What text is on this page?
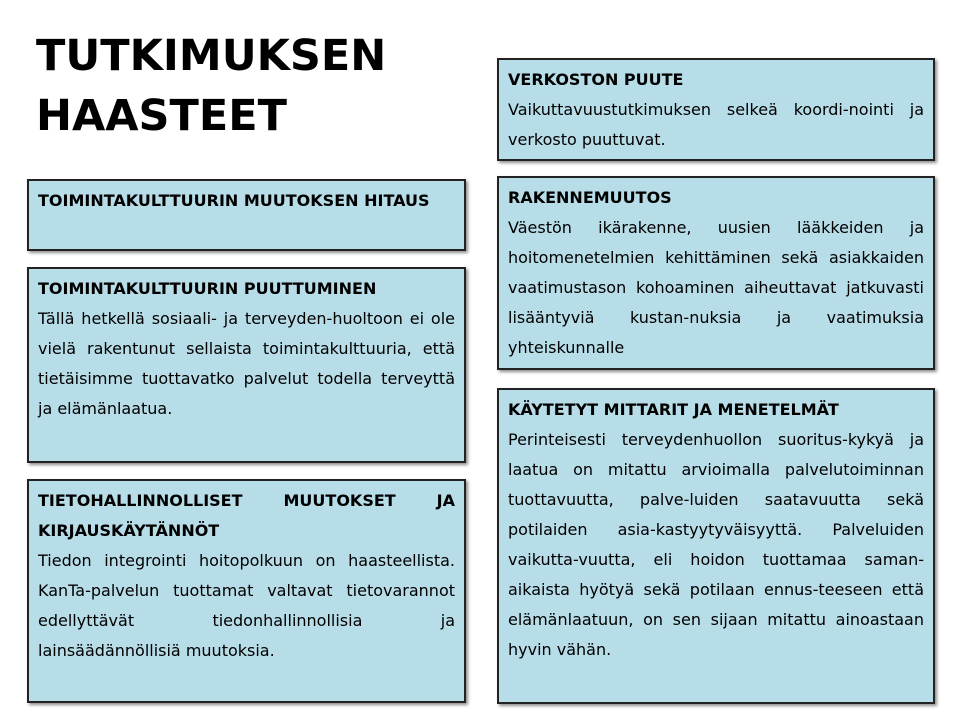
TUTKIMUKSEN
HAASTEET
TOIMINTAKULTTUURIN MUUTOKSEN HITAUS
TOIMINTAKULTTUURIN PUUTTUMINEN
Tällä hetkellä sosiaali- ja terveyden-huoltoon ei ole vielä rakentunut sellaista toimintakulttuuria, että tietäisimme tuottavatko palvelut todella terveyttä ja elämänlaatua.
TIETOHALLINNOLLISET MUUTOKSET JA KIRJAUSKÄYTÄNNÖT
Tiedon integrointi hoitopolkuun on haasteellista. KanTa-palvelun tuottamat valtavat tietovarannot edellyttävät tiedonhallinnollisia ja lainsäädännöllisiä muutoksia.
VERKOSTON PUUTE
Vaikuttavuustutkimuksen selkeä koordi-nointi ja verkosto puuttuvat.
RAKENNEMUUTOS
Väestön ikärakenne, uusien lääkkeiden ja hoitomenetelmien kehittäminen sekä asiakkaiden vaatimustason kohoaminen aiheuttavat jatkuvasti lisääntyviä kustan-nuksia ja vaatimuksia yhteiskunnalle
KÄYTETYT MITTARIT JA MENETELMÄT
Perinteisesti terveydenhuollon suoritus-kykyä ja laatua on mitattu arvioimalla palvelutoiminnan tuottavuutta, palve-luiden saatavuutta sekä potilaiden asia-kastyytyväisyyttä. Palveluiden vaikutta-vuutta, eli hoidon tuottamaa saman-aikaista hyötyä sekä potilaan ennus-teeseen että elämänlaatuun, on sen sijaan mitattu ainoastaan hyvin vähän.
